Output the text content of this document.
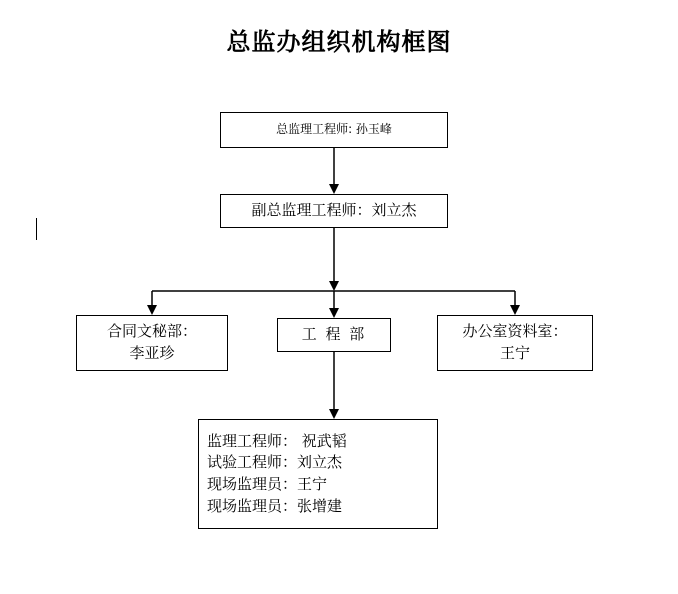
总监办组织机构框图
总监理工程师: 孙玉峰
副总监理工程师：刘立杰
合同文秘部：
李亚珍
工 程 部	办公室资料室：
王宁
监理工程师： 祝武韬
试验工程师：刘立杰
现场监理员：王宁
现场监理员：张增建
